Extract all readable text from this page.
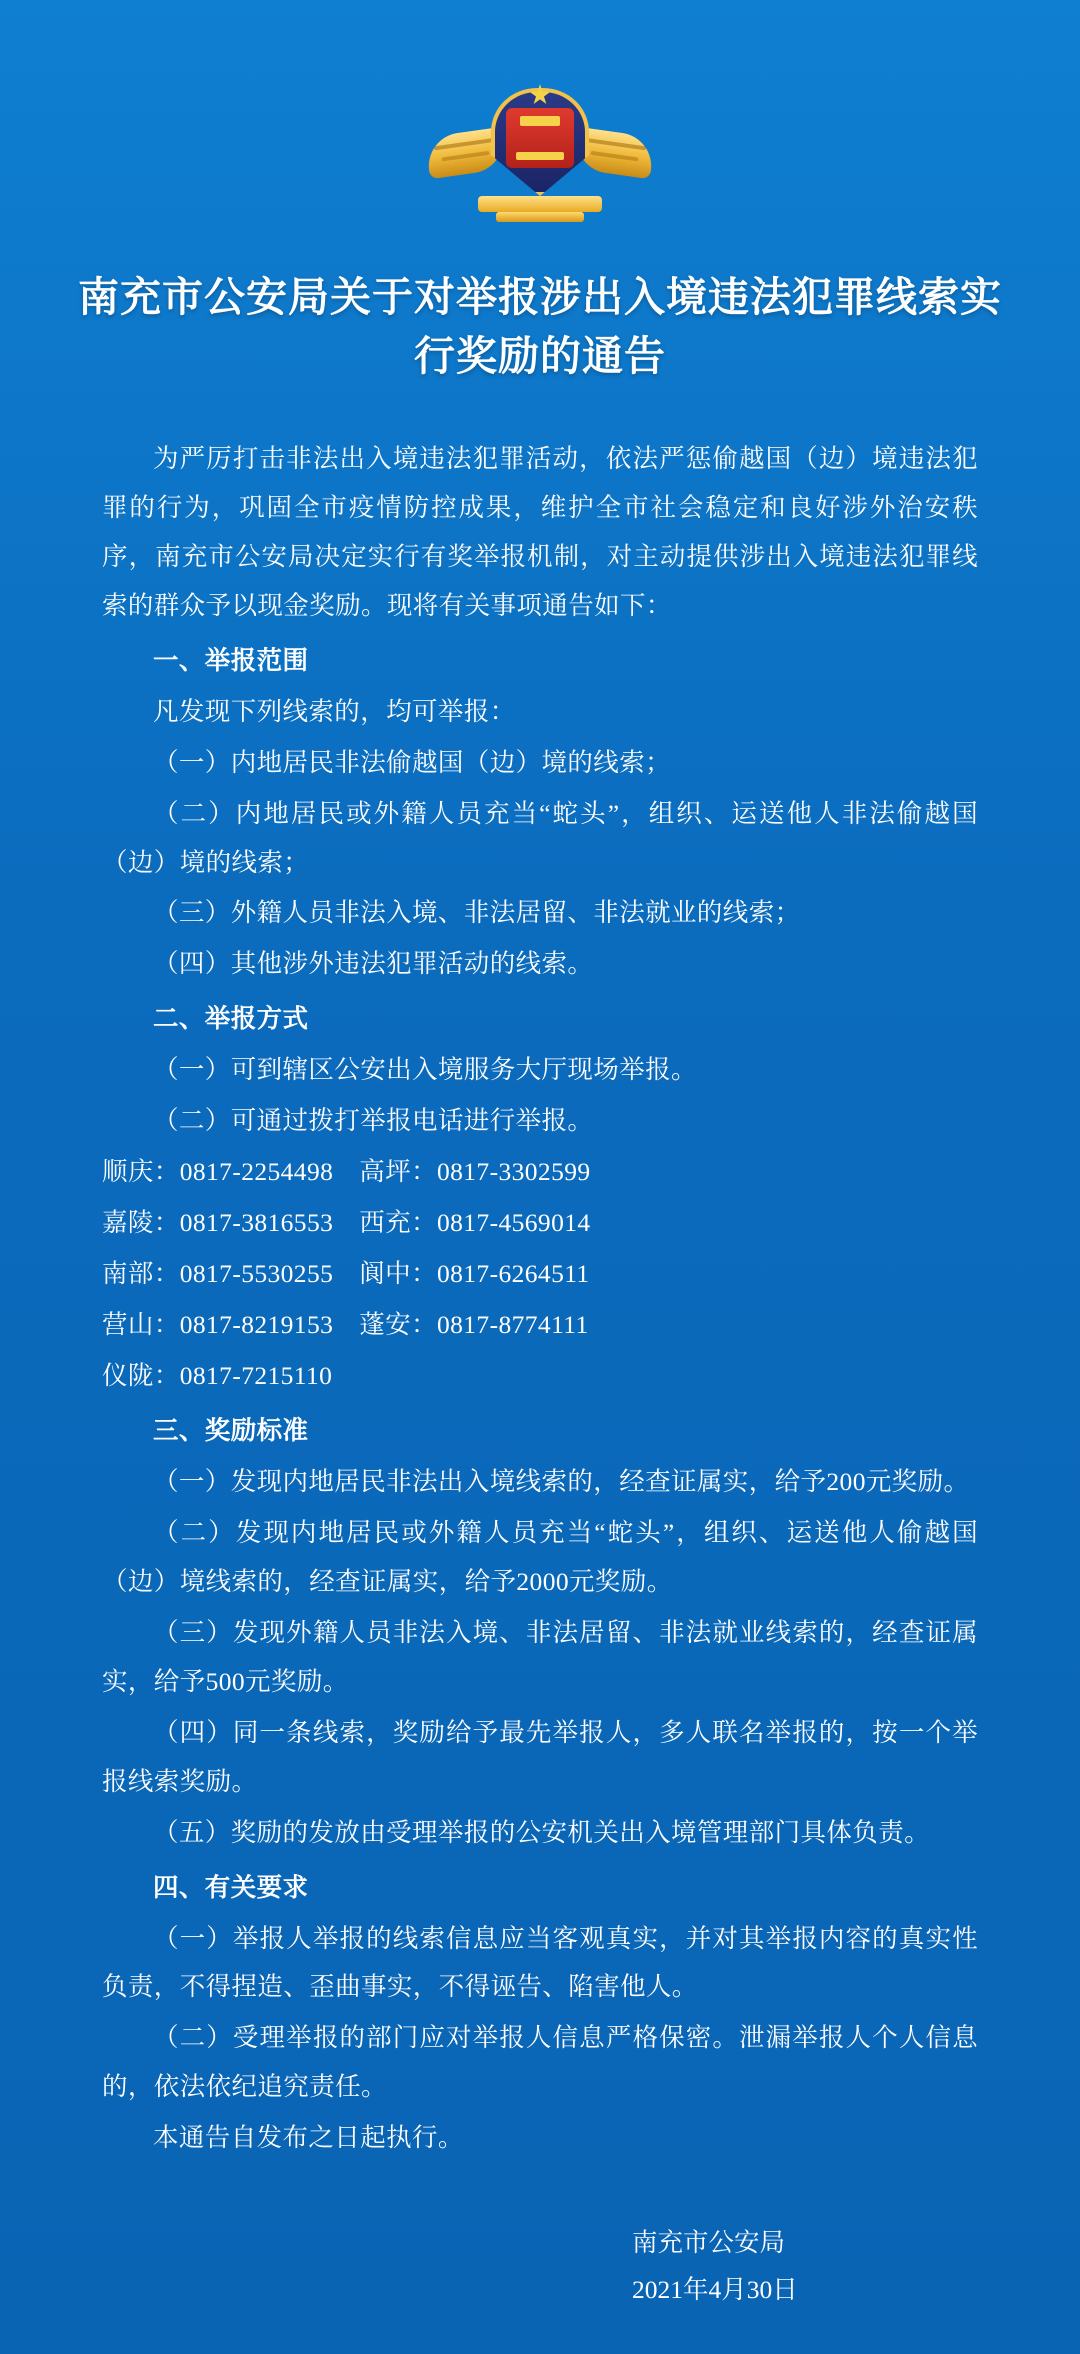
南充市公安局关于对举报涉出入境违法犯罪线索实行奖励的通告

为严厉打击非法出入境违法犯罪活动，依法严惩偷越国（边）境违法犯罪的行为，巩固全市疫情防控成果，维护全市社会稳定和良好涉外治安秩序，南充市公安局决定实行有奖举报机制，对主动提供涉出入境违法犯罪线索的群众予以现金奖励。现将有关事项通告如下：

一、举报范围

凡发现下列线索的，均可举报：

（一）内地居民非法偷越国（边）境的线索；

（二）内地居民或外籍人员充当“蛇头”，组织、运送他人非法偷越国（边）境的线索；

（三）外籍人员非法入境、非法居留、非法就业的线索；

（四）其他涉外违法犯罪活动的线索。

二、举报方式

（一）可到辖区公安出入境服务大厅现场举报。

（二）可通过拨打举报电话进行举报。

顺庆：0817-2254498 高坪：0817-3302599

嘉陵：0817-3816553 西充：0817-4569014

南部：0817-5530255 阆中：0817-6264511

营山：0817-8219153 蓬安：0817-8774111

仪陇：0817-7215110

三、奖励标准

（一）发现内地居民非法出入境线索的，经查证属实，给予200元奖励。

（二）发现内地居民或外籍人员充当“蛇头”，组织、运送他人偷越国（边）境线索的，经查证属实，给予2000元奖励。

（三）发现外籍人员非法入境、非法居留、非法就业线索的，经查证属实，给予500元奖励。

（四）同一条线索，奖励给予最先举报人，多人联名举报的，按一个举报线索奖励。

（五）奖励的发放由受理举报的公安机关出入境管理部门具体负责。

四、有关要求

（一）举报人举报的线索信息应当客观真实，并对其举报内容的真实性负责，不得捏造、歪曲事实，不得诬告、陷害他人。

（二）受理举报的部门应对举报人信息严格保密。泄漏举报人个人信息的，依法依纪追究责任。

本通告自发布之日起执行。

南充市公安局
2021年4月30日
